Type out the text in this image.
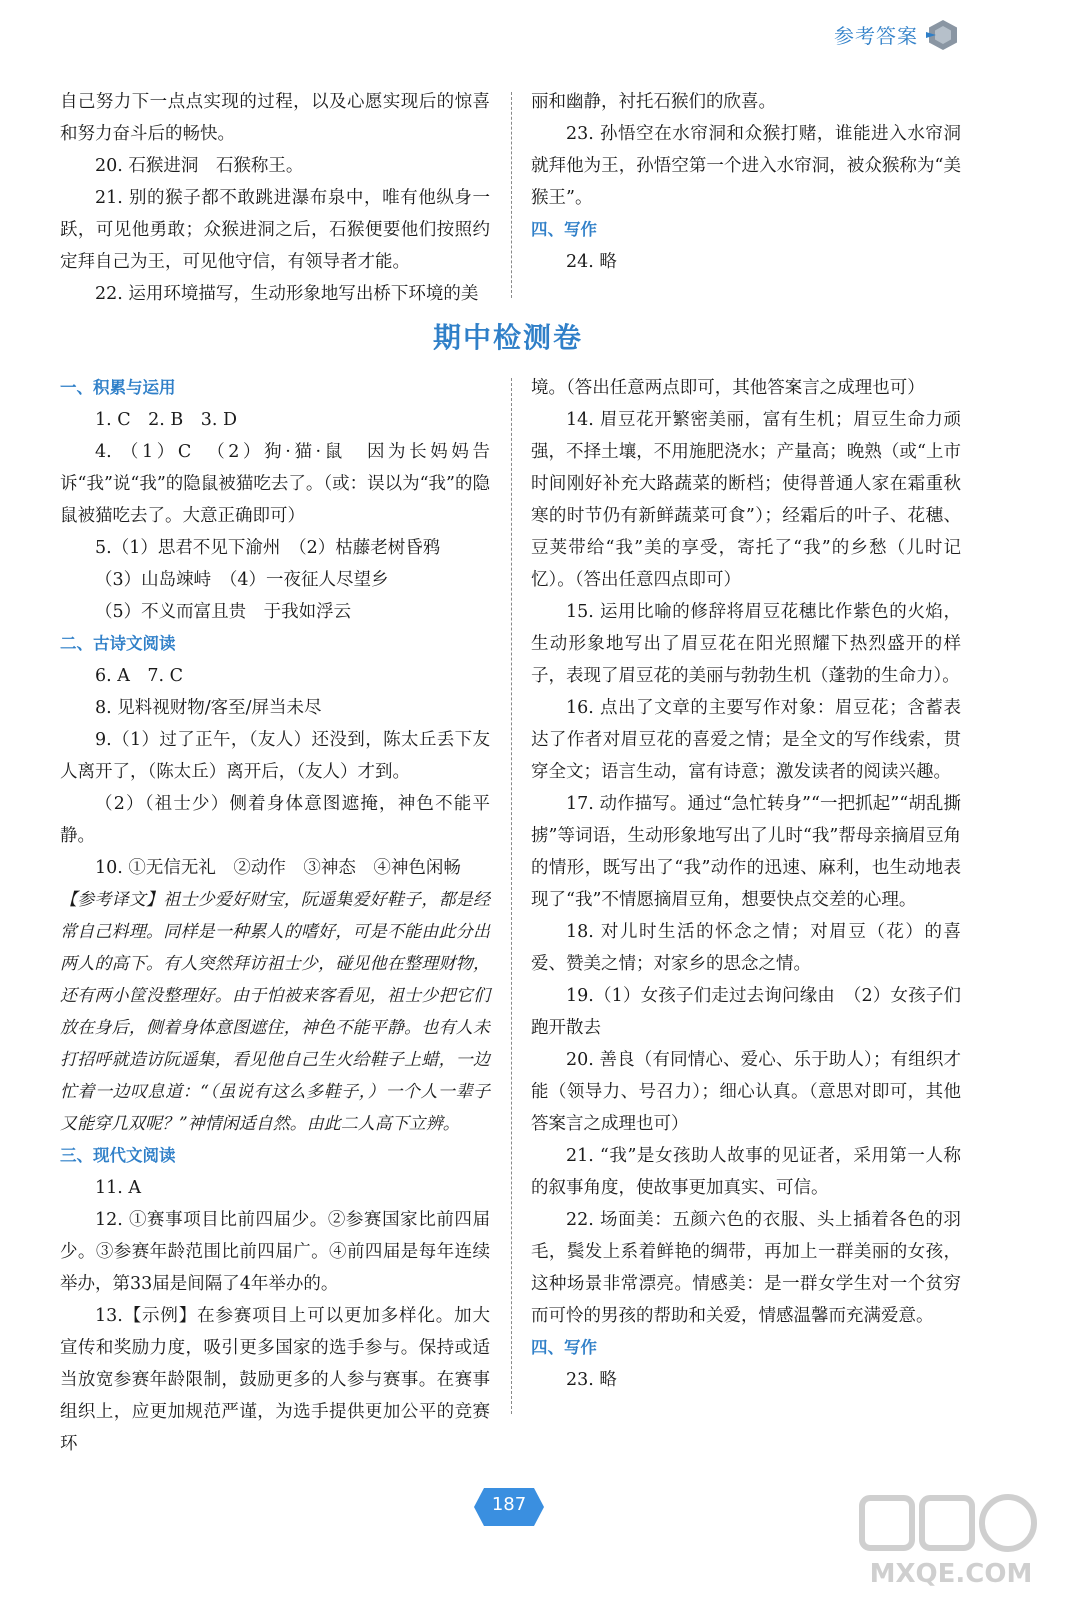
参考答案

自己努力下一点点实现的过程，以及心愿实现后的惊喜和努力奋斗后的畅快。

20. 石猴进洞　石猴称王。

21. 别的猴子都不敢跳进瀑布泉中，唯有他纵身一跃，可见他勇敢；众猴进洞之后，石猴便要他们按照约定拜自己为王，可见他守信，有领导者才能。

22. 运用环境描写，生动形象地写出桥下环境的美

丽和幽静，衬托石猴们的欣喜。

23. 孙悟空在水帘洞和众猴打赌，谁能进入水帘洞就拜他为王，孙悟空第一个进入水帘洞，被众猴称为“美猴王”。

四、写作

24. 略

期中检测卷

一、积累与运用

1. C　2. B　3. D

4. （1）C　（2）狗·猫·鼠　因为长妈妈告诉“我”说“我”的隐鼠被猫吃去了。（或：误以为“我”的隐鼠被猫吃去了。大意正确即可）

5.（1）思君不见下渝州　（2）枯藤老树昏鸦

（3）山岛竦峙　（4）一夜征人尽望乡

（5）不义而富且贵　于我如浮云

二、古诗文阅读

6. A　7. C

8. 见料视财物/客至/屏当未尽

9.（1）过了正午，（友人）还没到，陈太丘丢下友人离开了，（陈太丘）离开后，（友人）才到。

（2）（祖士少）侧着身体意图遮掩，神色不能平静。

10. ①无信无礼　②动作　③神态　④神色闲畅

【参考译文】祖士少爱好财宝，阮遥集爱好鞋子，都是经常自己料理。同样是一种累人的嗜好，可是不能由此分出两人的高下。有人突然拜访祖士少，碰见他在整理财物，还有两小筐没整理好。由于怕被来客看见，祖士少把它们放在身后，侧着身体意图遮住，神色不能平静。也有人未打招呼就造访阮遥集，看见他自己生火给鞋子上蜡，一边忙着一边叹息道：“（虽说有这么多鞋子，）一个人一辈子又能穿几双呢？”神情闲适自然。由此二人高下立辨。

三、现代文阅读

11. A

12. ①赛事项目比前四届少。②参赛国家比前四届少。③参赛年龄范围比前四届广。④前四届是每年连续举办，第33届是间隔了4年举办的。

13.【示例】在参赛项目上可以更加多样化。加大宣传和奖励力度，吸引更多国家的选手参与。保持或适当放宽参赛年龄限制，鼓励更多的人参与赛事。在赛事组织上，应更加规范严谨，为选手提供更加公平的竞赛环

境。（答出任意两点即可，其他答案言之成理也可）

14. 眉豆花开繁密美丽，富有生机；眉豆生命力顽强，不择土壤，不用施肥浇水；产量高；晚熟（或“上市时间刚好补充大路蔬菜的断档；使得普通人家在霜重秋寒的时节仍有新鲜蔬菜可食”）；经霜后的叶子、花穗、豆荚带给“我”美的享受，寄托了“我”的乡愁（儿时记忆）。（答出任意四点即可）

15. 运用比喻的修辞将眉豆花穗比作紫色的火焰，生动形象地写出了眉豆花在阳光照耀下热烈盛开的样子，表现了眉豆花的美丽与勃勃生机（蓬勃的生命力）。

16. 点出了文章的主要写作对象：眉豆花；含蓄表达了作者对眉豆花的喜爱之情；是全文的写作线索，贯穿全文；语言生动，富有诗意；激发读者的阅读兴趣。

17. 动作描写。通过“急忙转身”“一把抓起”“胡乱撕掳”等词语，生动形象地写出了儿时“我”帮母亲摘眉豆角的情形，既写出了“我”动作的迅速、麻利，也生动地表现了“我”不情愿摘眉豆角，想要快点交差的心理。

18. 对儿时生活的怀念之情；对眉豆（花）的喜爱、赞美之情；对家乡的思念之情。

19.（1）女孩子们走过去询问缘由　（2）女孩子们跑开散去

20. 善良（有同情心、爱心、乐于助人）；有组织才能（领导力、号召力）；细心认真。（意思对即可，其他答案言之成理也可）

21. “我”是女孩助人故事的见证者，采用第一人称的叙事角度，使故事更加真实、可信。

22. 场面美：五颜六色的衣服、头上插着各色的羽毛，鬓发上系着鲜艳的绸带，再加上一群美丽的女孩，这种场景非常漂亮。情感美：是一群女学生对一个贫穷而可怜的男孩的帮助和关爱，情感温馨而充满爱意。

四、写作

23. 略

187
MXQE.COM
